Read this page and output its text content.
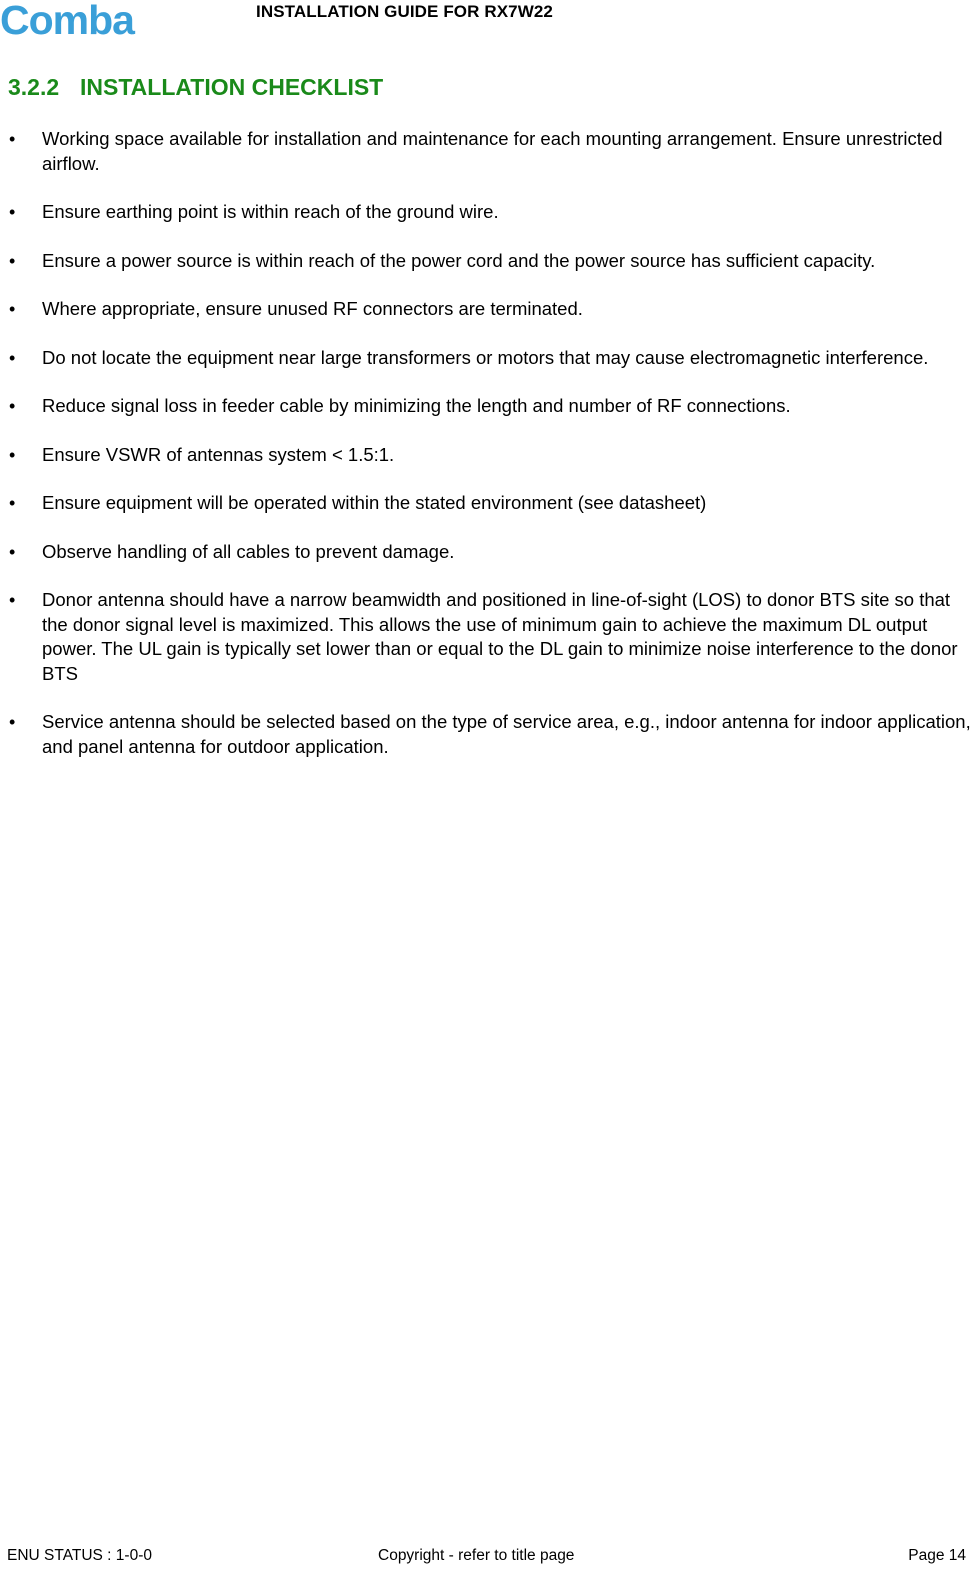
Comba	INSTALLATION GUIDE FOR RX7W22
3.2.2 INSTALLATION CHECKLIST
• Working space available for installation and maintenance for each mounting arrangement. Ensure unrestricted airflow.
• Ensure earthing point is within reach of the ground wire.
• Ensure a power source is within reach of the power cord and the power source has sufficient capacity.
• Where appropriate, ensure unused RF connectors are terminated.
• Do not locate the equipment near large transformers or motors that may cause electromagnetic interference.
• Reduce signal loss in feeder cable by minimizing the length and number of RF connections.
• Ensure VSWR of antennas system < 1.5:1.
• Ensure equipment will be operated within the stated environment (see datasheet)
• Observe handling of all cables to prevent damage.
• Donor antenna should have a narrow beamwidth and positioned in line-of-sight (LOS) to donor BTS site so that the donor signal level is maximized. This allows the use of minimum gain to achieve the maximum DL output power. The UL gain is typically set lower than or equal to the DL gain to minimize noise interference to the donor BTS
• Service antenna should be selected based on the type of service area, e.g., indoor antenna for indoor application, and panel antenna for outdoor application.
ENU STATUS : 1-0-0	Copyright - refer to title page	Page 14
